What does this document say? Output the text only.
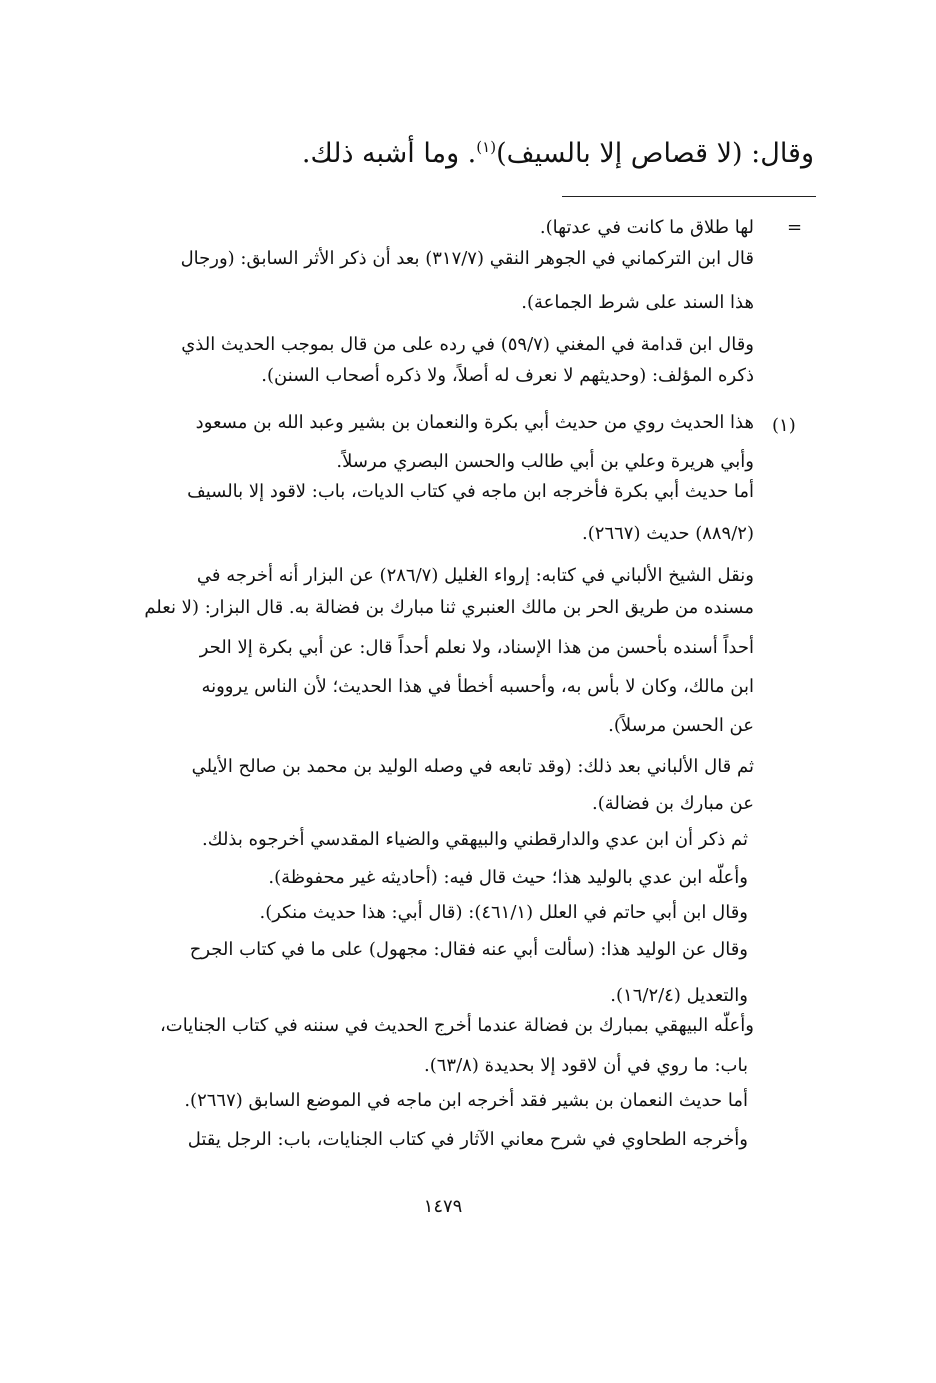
وقال: (لا قصاص إلا بالسيف)$^{(١)}$. وما أشبه ذلك.
=
(١)
لها طلاق ما كانت في عدتها).
قال ابن التركماني في الجوهر النقي (٣١٧/٧) بعد أن ذكر الأثر السابق: (ورجال
هذا السند على شرط الجماعة).
وقال ابن قدامة في المغني (٥٩/٧) في رده على من قال بموجب الحديث الذي
ذكره المؤلف: (وحديثهم لا نعرف له أصلاً، ولا ذكره أصحاب السنن).
هذا الحديث روي من حديث أبي بكرة والنعمان بن بشير وعبد الله بن مسعود
وأبي هريرة وعلي بن أبي طالب والحسن البصري مرسلاً.
أما حديث أبي بكرة فأخرجه ابن ماجه في كتاب الديات، باب: لاقود إلا بالسيف
(٨٨٩/٢) حديث (٢٦٦٧).
ونقل الشيخ الألباني في كتابه: إرواء الغليل (٢٨٦/٧) عن البزار أنه أخرجه في
مسنده من طريق الحر بن مالك العنبري ثنا مبارك بن فضالة به. قال البزار: (لا نعلم
أحداً أسنده بأحسن من هذا الإسناد، ولا نعلم أحداً قال: عن أبي بكرة إلا الحر
ابن مالك، وكان لا بأس به، وأحسبه أخطأ في هذا الحديث؛ لأن الناس يروونه
عن الحسن مرسلاً).
ثم قال الألباني بعد ذلك: (وقد تابعه في وصله الوليد بن محمد بن صالح الأيلي
عن مبارك بن فضالة).
ثم ذكر أن ابن عدي والدارقطني والبيهقي والضياء المقدسي أخرجوه بذلك.
وأعلّه ابن عدي بالوليد هذا؛ حيث قال فيه: (أحاديثه غير محفوظة).
وقال ابن أبي حاتم في العلل (٤٦١/١): (قال أبي: هذا حديث منكر).
وقال عن الوليد هذا: (سألت أبي عنه فقال: مجهول) على ما في كتاب الجرح
والتعديل (١٦/٢/٤).
وأعلّه البيهقي بمبارك بن فضالة عندما أخرج الحديث في سننه في كتاب الجنايات،
باب: ما روي في أن لاقود إلا بحديدة (٦٣/٨).
أما حديث النعمان بن بشير فقد أخرجه ابن ماجه في الموضع السابق (٢٦٦٧).
وأخرجه الطحاوي في شرح معاني الآثار في كتاب الجنايات، باب: الرجل يقتل
١٤٧٩
